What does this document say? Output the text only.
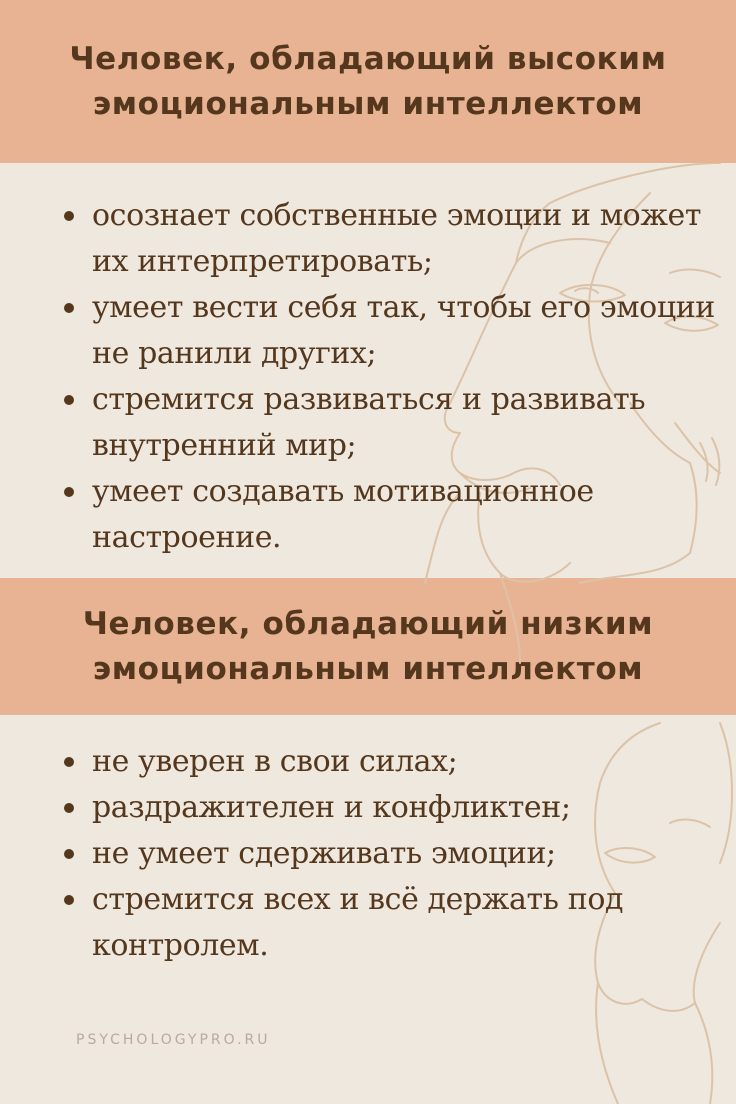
Человек, обладающий высоким
эмоциональным интеллектом
осознает собственные эмоции и может
их интерпретировать;
умеет вести себя так, чтобы его эмоции
не ранили других;
стремится развиваться и развивать
внутренний мир;
умеет создавать мотивационное
настроение.
Человек, обладающий низким
эмоциональным интеллектом
не уверен в свои силах;
раздражителен и конфликтен;
не умеет сдерживать эмоции;
стремится всех и всё держать под
контролем.
PSYCHOLOGYPRO.RU
